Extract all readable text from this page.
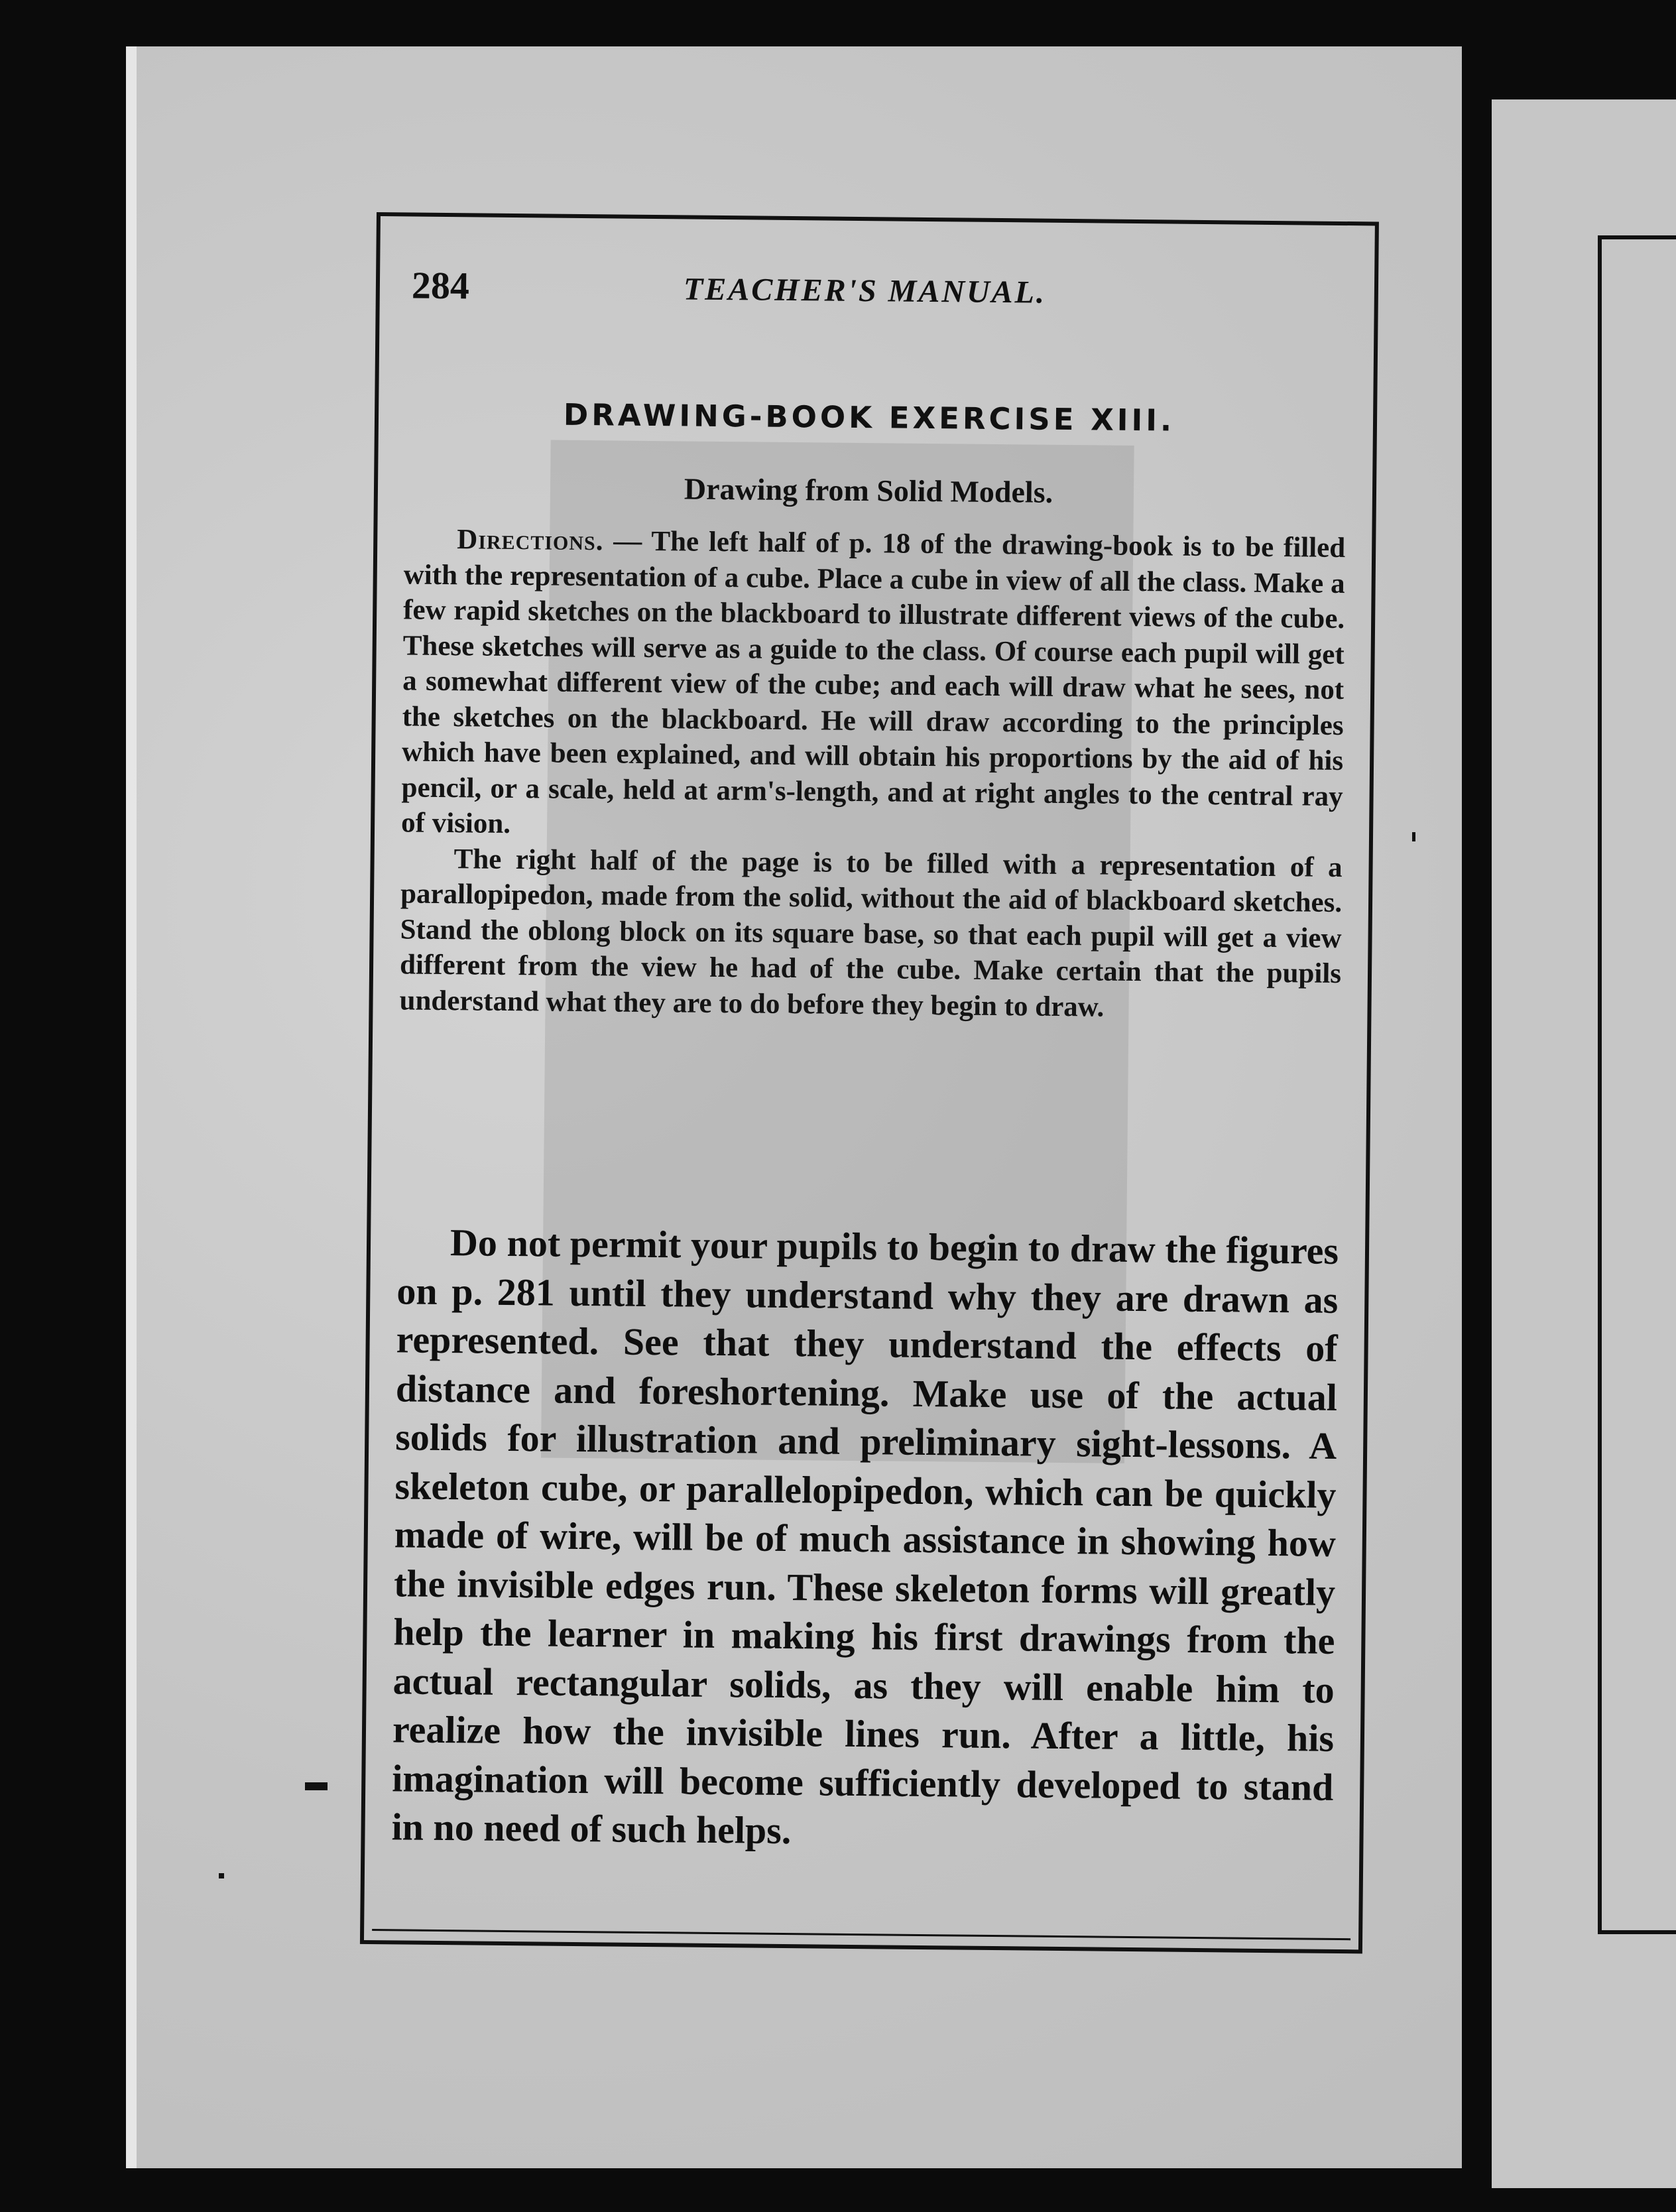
284	TEACHER'S MANUAL.
DRAWING-BOOK EXERCISE XIII.
Drawing from Solid Models.

Directions. — The left half of p. 18 of the drawing-book is to be filled with the representation of a cube. Place a cube in view of all the class. Make a few rapid sketches on the blackboard to illustrate different views of the cube. These sketches will serve as a guide to the class. Of course each pupil will get a somewhat different view of the cube; and each will draw what he sees, not the sketches on the blackboard. He will draw according to the principles which have been explained, and will obtain his proportions by the aid of his pencil, or a scale, held at arm's-length, and at right angles to the central ray of vision.

The right half of the page is to be filled with a representation of a parallopipedon, made from the solid, without the aid of blackboard sketches. Stand the oblong block on its square base, so that each pupil will get a view different from the view he had of the cube. Make certain that the pupils understand what they are to do before they begin to draw.

Do not permit your pupils to begin to draw the figures on p. 281 until they understand why they are drawn as represented. See that they understand the effects of distance and foreshortening. Make use of the actual solids for illustration and preliminary sight-lessons. A skeleton cube, or parallelopipedon, which can be quickly made of wire, will be of much assistance in showing how the invisible edges run. These skeleton forms will greatly help the learner in making his first drawings from the actual rectangular solids, as they will enable him to realize how the invisible lines run. After a little, his imagination will become sufficiently developed to stand in no need of such helps.
